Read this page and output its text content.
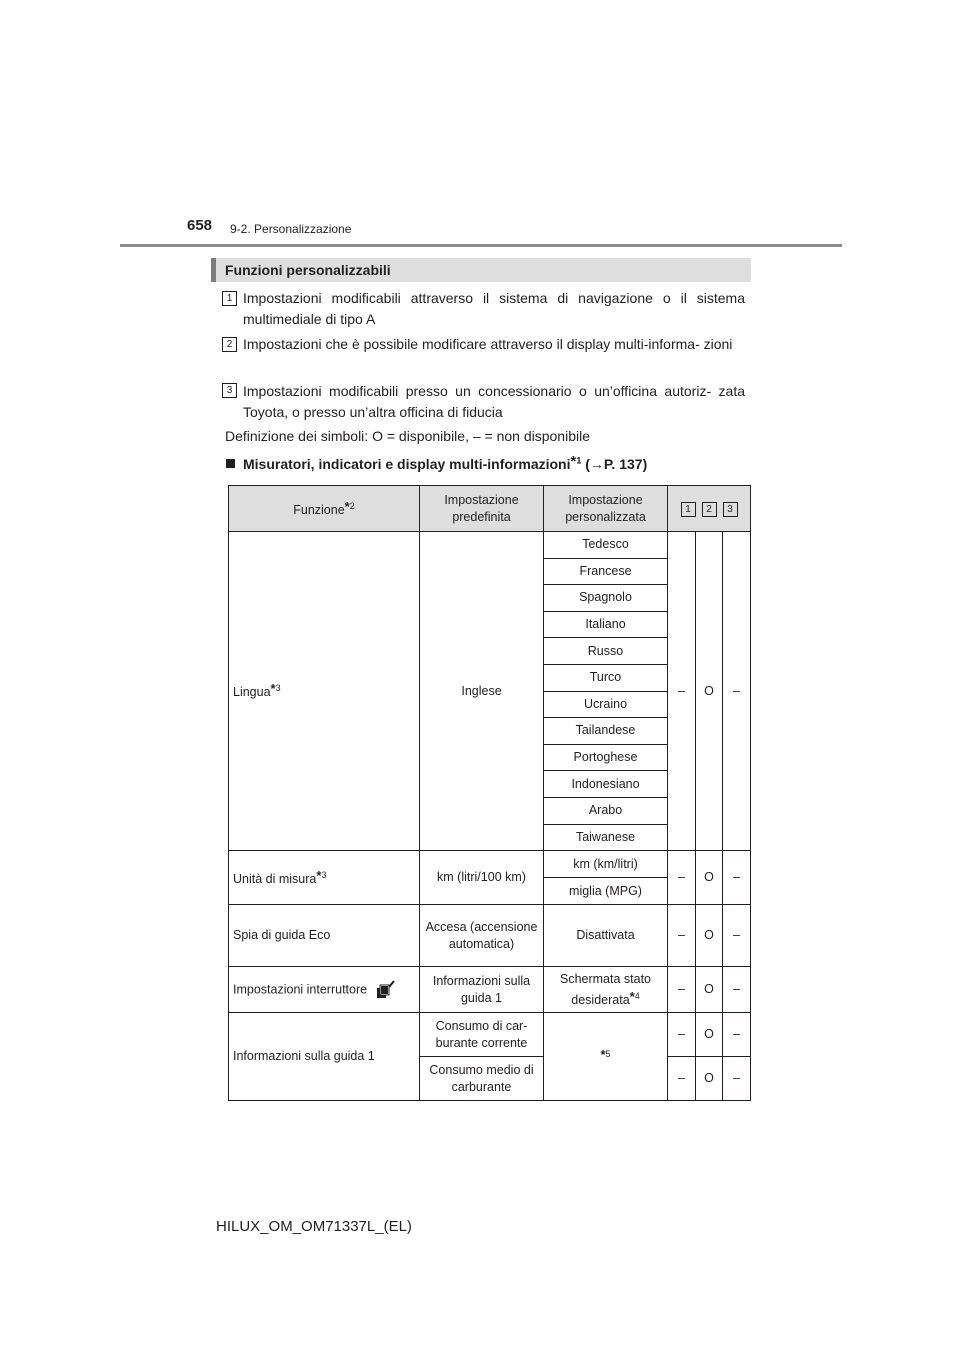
658 9-2. Personalizzazione
Funzioni personalizzabili
1 Impostazioni modificabili attraverso il sistema di navigazione o il sistema multimediale di tipo A
2 Impostazioni che è possibile modificare attraverso il display multi-informa- zioni
3 Impostazioni modificabili presso un concessionario o un’officina autoriz- zata Toyota, o presso un’altra officina di fiducia
Definizione dei simboli: O = disponibile, – = non disponibile
Misuratori, indicatori e display multi-informazioni*$^1$ (→P. 137)
Funzione*$^2$	Impostazione predefinita	Impostazione personalizzata	1 2 3		
Lingua*$^3$	Inglese	Tedesco	–	O	–
		Francese			
		Spagnolo			
		Italiano			
		Russo			
		Turco			
		Ucraino			
		Tailandese			
		Portoghese			
		Indonesiano			
		Arabo			
		Taiwanese			
Unità di misura*$^3$	km (litri/100 km)	km (km/litri)	–	O	–
		miglia (MPG)			
Spia di guida Eco	Accesa (accensione automatica)	Disattivata	–	O	–
Impostazioni interruttore	Informazioni sulla guida 1	Schermata stato desiderata*$^4$	–	O	–
Informazioni sulla guida 1	Consumo di car- burante corrente	*$^5$	–	O	–
	Consumo medio di carburante		–	O	–
HILUX_OM_OM71337L_(EL)
